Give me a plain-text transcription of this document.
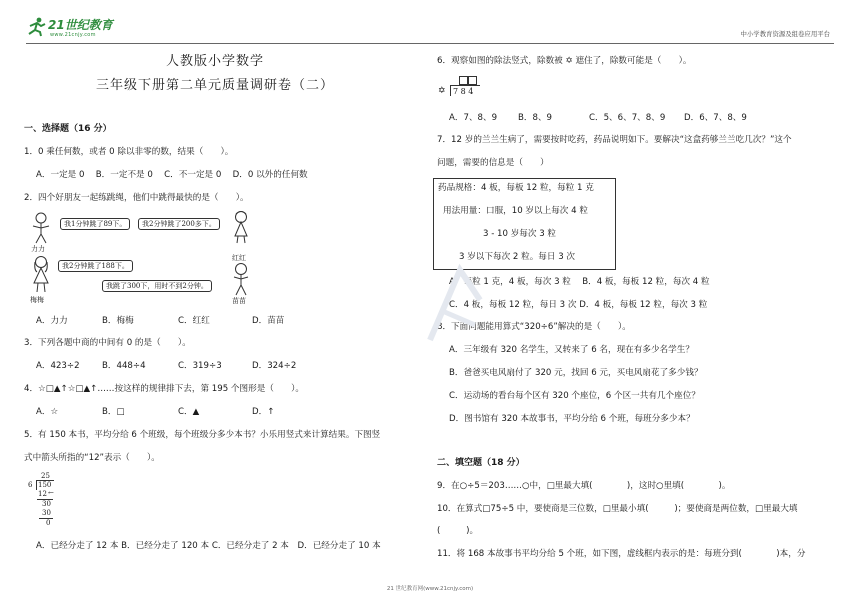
21世纪教育
www.21cnjy.com	中小学教育资源及组卷应用平台
人教版小学数学
三年级下册第二单元质量调研卷（二）
一、选择题（16 分）
1．0 乘任何数，或者 0 除以非零的数，结果（　　）。
A．一定是 0　 B．一定不是 0　 C．不一定是 0　 D．0 以外的任何数
2．四个好朋友一起练跳绳，他们中跳得最快的是（　　）。
我1分钟跳了89下。	我2分钟跳了200多下。
力力
红红
我2分钟跳了188下。
我跳了300下，用时不到2分钟。
梅梅	苗苗
A．力力	B．梅梅	C．红红	D．苗苗
3．下列各题中商的中间有 0 的是（　　）。
A．423÷2	B．448÷4	C．319÷3	D．324÷2
4．☆□▲↑☆□▲↑……按这样的规律排下去，第 195 个图形是（　　）。
A．☆	B．□	C．▲	D．↑
5．有 150 本书，平均分给 6 个班级，每个班级分多少本书？小乐用竖式来计算结果。下图竖
式中箭头所指的“12”表示（　　）。
25
6 150
12 ←
30
30
0
A．已经分走了 12 本 B．已经分走了 120 本 C．已经分走了 2 本　D．已经分走了 10 本
6．观察如图的除法竖式，除数被 ✡ 遮住了，除数可能是（　　）。
✡ 7 8 4
A．7、8、9 B．8、9	C．5、6、7、8、9 D．6、7、8、9
7．12 岁的兰兰生病了，需要按时吃药，药品说明如下。要解决“这盒药够兰兰吃几次？”这个
问题，需要的信息是（　　）
药品规格：4 板，每板 12 粒，每粒 1 克
用法用量：口服，10 岁以上每次 4 粒
3 - 10 岁每次 3 粒
3 岁以下每次 2 粒。每日 3 次
A．每粒 1 克，4 板，每次 3 粒　 B．4 板，每板 12 粒，每次 4 粒
C．4 板，每板 12 粒，每日 3 次 D．4 板，每板 12 粒，每次 3 粒
8．下面问题能用算式“320÷6”解决的是（　　）。
A．三年级有 320 名学生，又转来了 6 名，现在有多少名学生？
B．爸爸买电风扇付了 320 元，找回 6 元，买电风扇花了多少钱？
C．运动场的看台每个区有 320 个座位，6 个区一共有几个座位？
D．图书馆有 320 本故事书，平均分给 6 个班，每班分多少本？
二、填空题（18 分）
9．在○÷5＝203……○中，□里最大填(　　　　)，这时○里填(　　　　)。
10．在算式□75÷5 中，要使商是三位数，□里最小填(　　　)；要使商是两位数，□里最大填
(　　　)。
11．将 168 本故事书平均分给 5 个班，如下图，虚线框内表示的是：每班分到(　　　　)本，分
21 世纪教育网(www.21cnjy.com)
